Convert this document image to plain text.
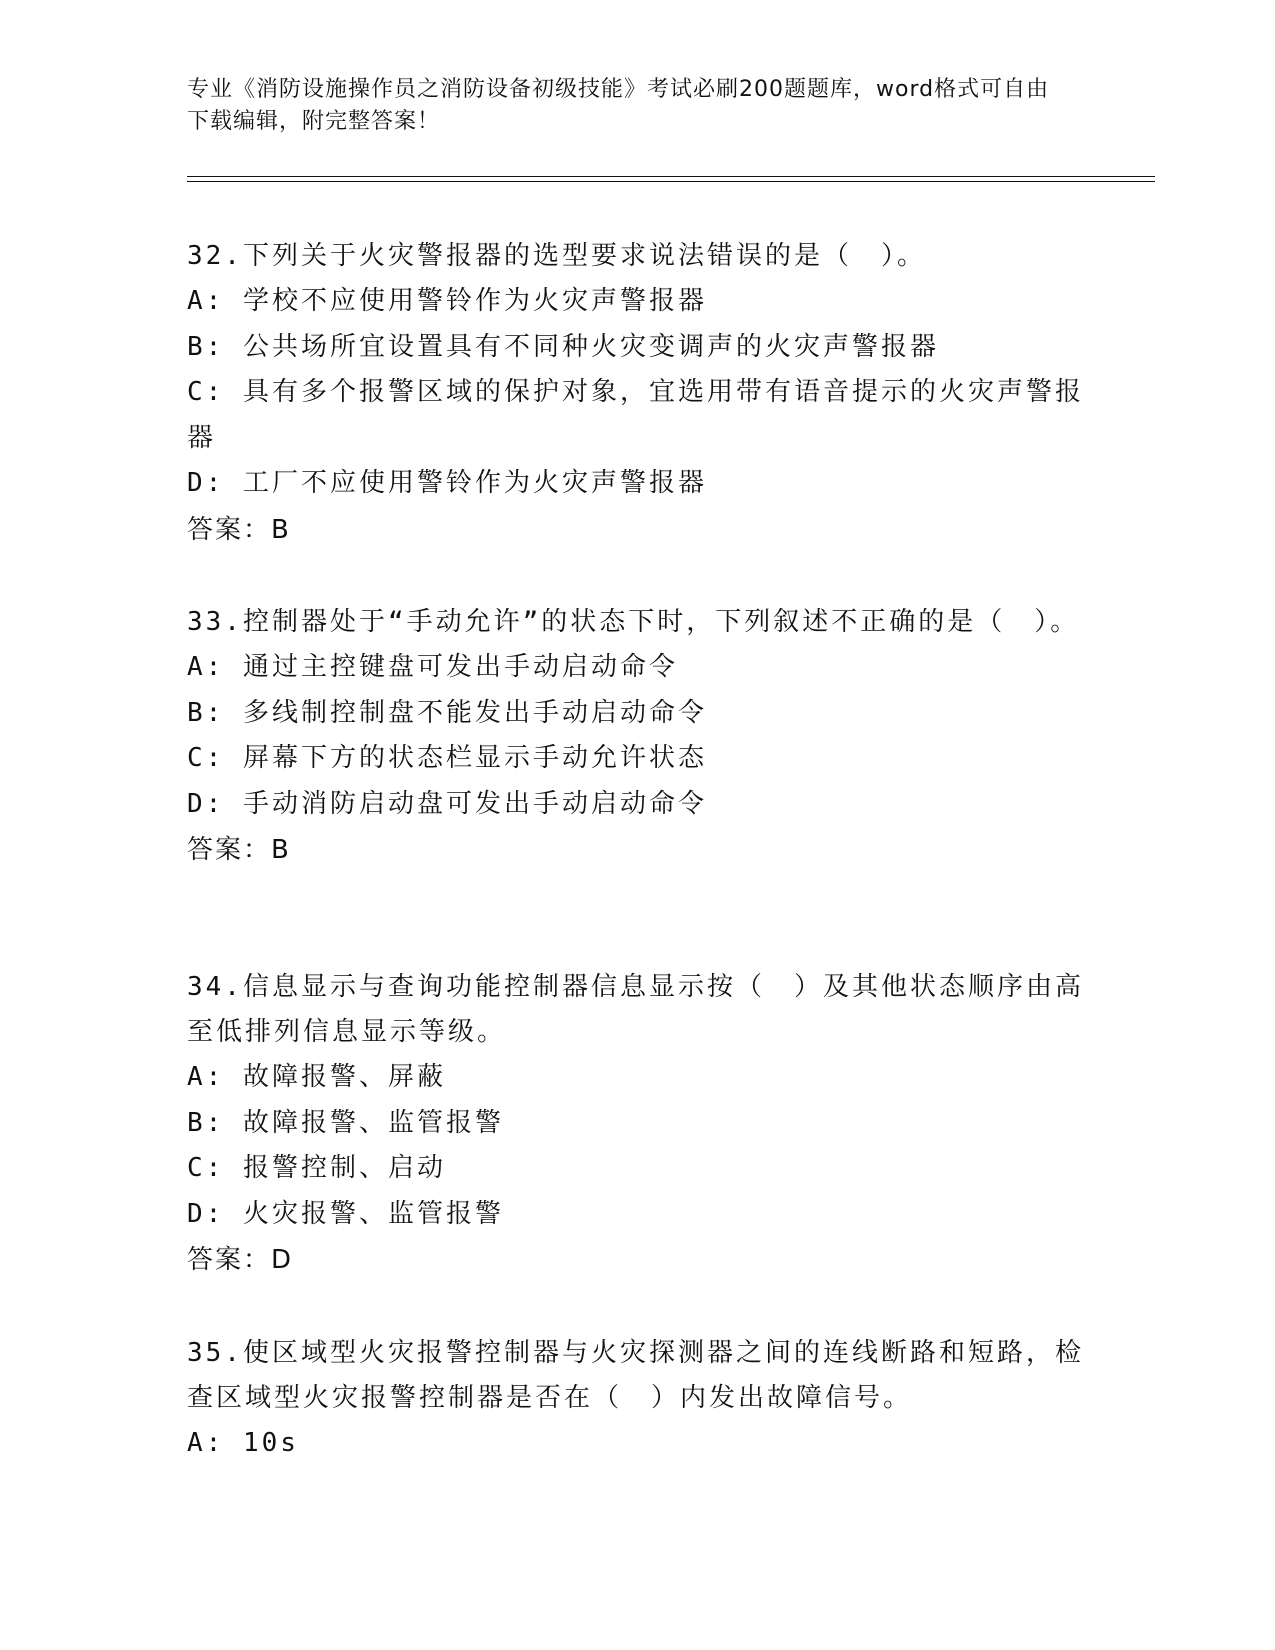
专业《消防设施操作员之消防设备初级技能》考试必刷200题题库，word格式可自由下载编辑，附完整答案！
32.下列关于火灾警报器的选型要求说法错误的是（　）。
A: 学校不应使用警铃作为火灾声警报器
B: 公共场所宜设置具有不同种火灾变调声的火灾声警报器
C: 具有多个报警区域的保护对象，宜选用带有语音提示的火灾声警报器
D: 工厂不应使用警铃作为火灾声警报器
答案：B
33.控制器处于“手动允许”的状态下时，下列叙述不正确的是（　）。
A: 通过主控键盘可发出手动启动命令
B: 多线制控制盘不能发出手动启动命令
C: 屏幕下方的状态栏显示手动允许状态
D: 手动消防启动盘可发出手动启动命令
答案：B
34.信息显示与查询功能控制器信息显示按（　）及其他状态顺序由高至低排列信息显示等级。
A: 故障报警、屏蔽
B: 故障报警、监管报警
C: 报警控制、启动
D: 火灾报警、监管报警
答案：D
35.使区域型火灾报警控制器与火灾探测器之间的连线断路和短路，检查区域型火灾报警控制器是否在（　）内发出故障信号。
A: 10s
